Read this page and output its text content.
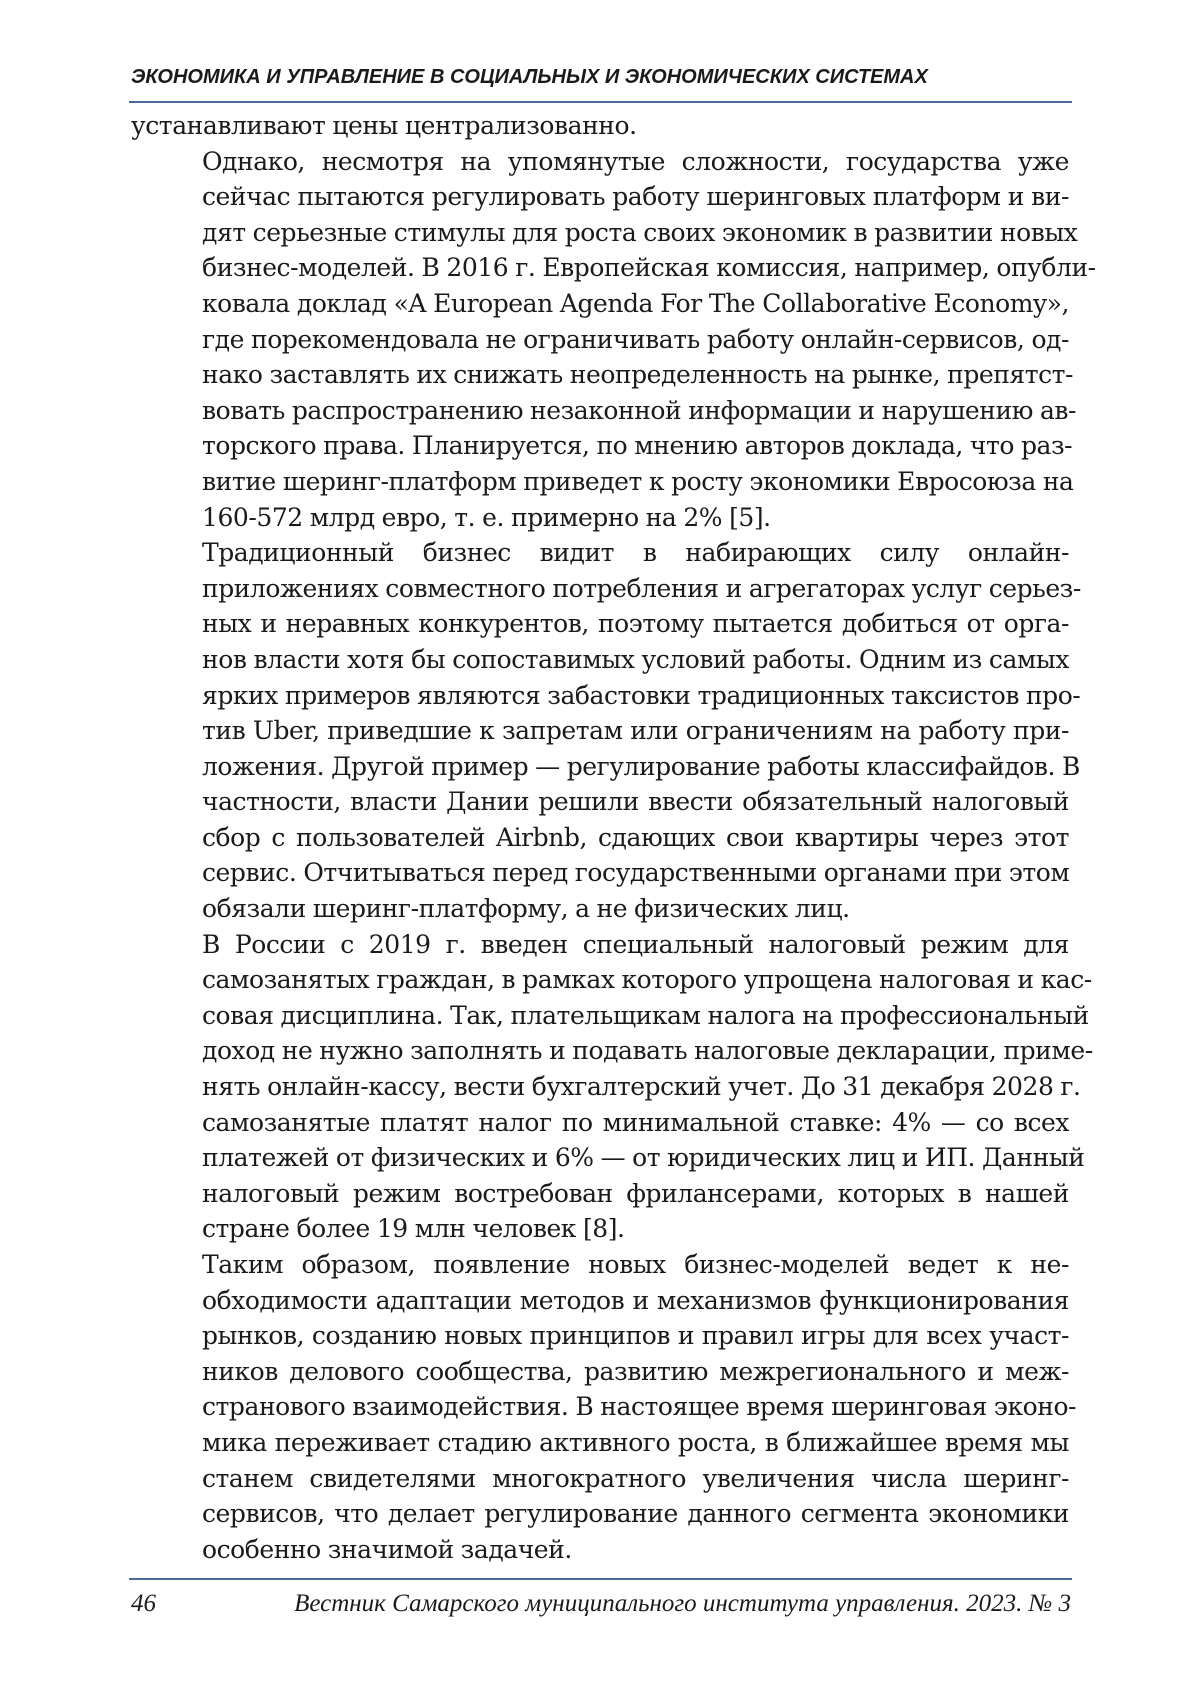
ЭКОНОМИКА И УПРАВЛЕНИЕ В СОЦИАЛЬНЫХ И ЭКОНОМИЧЕСКИХ СИСТЕМАХ
устанавливают цены централизованно.
Однако, несмотря на упомянутые сложности, государства уже
сейчас пытаются регулировать работу шеринговых платформ и ви-
дят серьезные стимулы для роста своих экономик в развитии новых
бизнес-моделей. В 2016 г. Европейская комиссия, например, опубли-
ковала доклад «A European Agenda For The Collaborative Economy»,
где порекомендовала не ограничивать работу онлайн-сервисов, од-
нако заставлять их снижать неопределенность на рынке, препятст-
вовать распространению незаконной информации и нарушению ав-
торского права. Планируется, по мнению авторов доклада, что раз-
витие шеринг-платформ приведет к росту экономики Евросоюза на
160-572 млрд евро, т. е. примерно на 2% [5].
Традиционный бизнес видит в набирающих силу онлайн-
приложениях совместного потребления и агрегаторах услуг серьез-
ных и неравных конкурентов, поэтому пытается добиться от орга-
нов власти хотя бы сопоставимых условий работы. Одним из самых
ярких примеров являются забастовки традиционных таксистов про-
тив Uber, приведшие к запретам или ограничениям на работу при-
ложения. Другой пример — регулирование работы классифайдов. В
частности, власти Дании решили ввести обязательный налоговый
сбор с пользователей Airbnb, сдающих свои квартиры через этот
сервис. Отчитываться перед государственными органами при этом
обязали шеринг-платформу, а не физических лиц.
В России с 2019 г. введен специальный налоговый режим для
самозанятых граждан, в рамках которого упрощена налоговая и кас-
совая дисциплина. Так, плательщикам налога на профессиональный
доход не нужно заполнять и подавать налоговые декларации, приме-
нять онлайн-кассу, вести бухгалтерский учет. До 31 декабря 2028 г.
самозанятые платят налог по минимальной ставке: 4% — со всех
платежей от физических и 6% — от юридических лиц и ИП. Данный
налоговый режим востребован фрилансерами, которых в нашей
стране более 19 млн человек [8].
Таким образом, появление новых бизнес-моделей ведет к не-
обходимости адаптации методов и механизмов функционирования
рынков, созданию новых принципов и правил игры для всех участ-
ников делового сообщества, развитию межрегионального и меж-
странового взаимодействия. В настоящее время шеринговая эконо-
мика переживает стадию активного роста, в ближайшее время мы
станем свидетелями многократного увеличения числа шеринг-
сервисов, что делает регулирование данного сегмента экономики
особенно значимой задачей.
46	Вестник Самарского муниципального института управления. 2023. № 3
